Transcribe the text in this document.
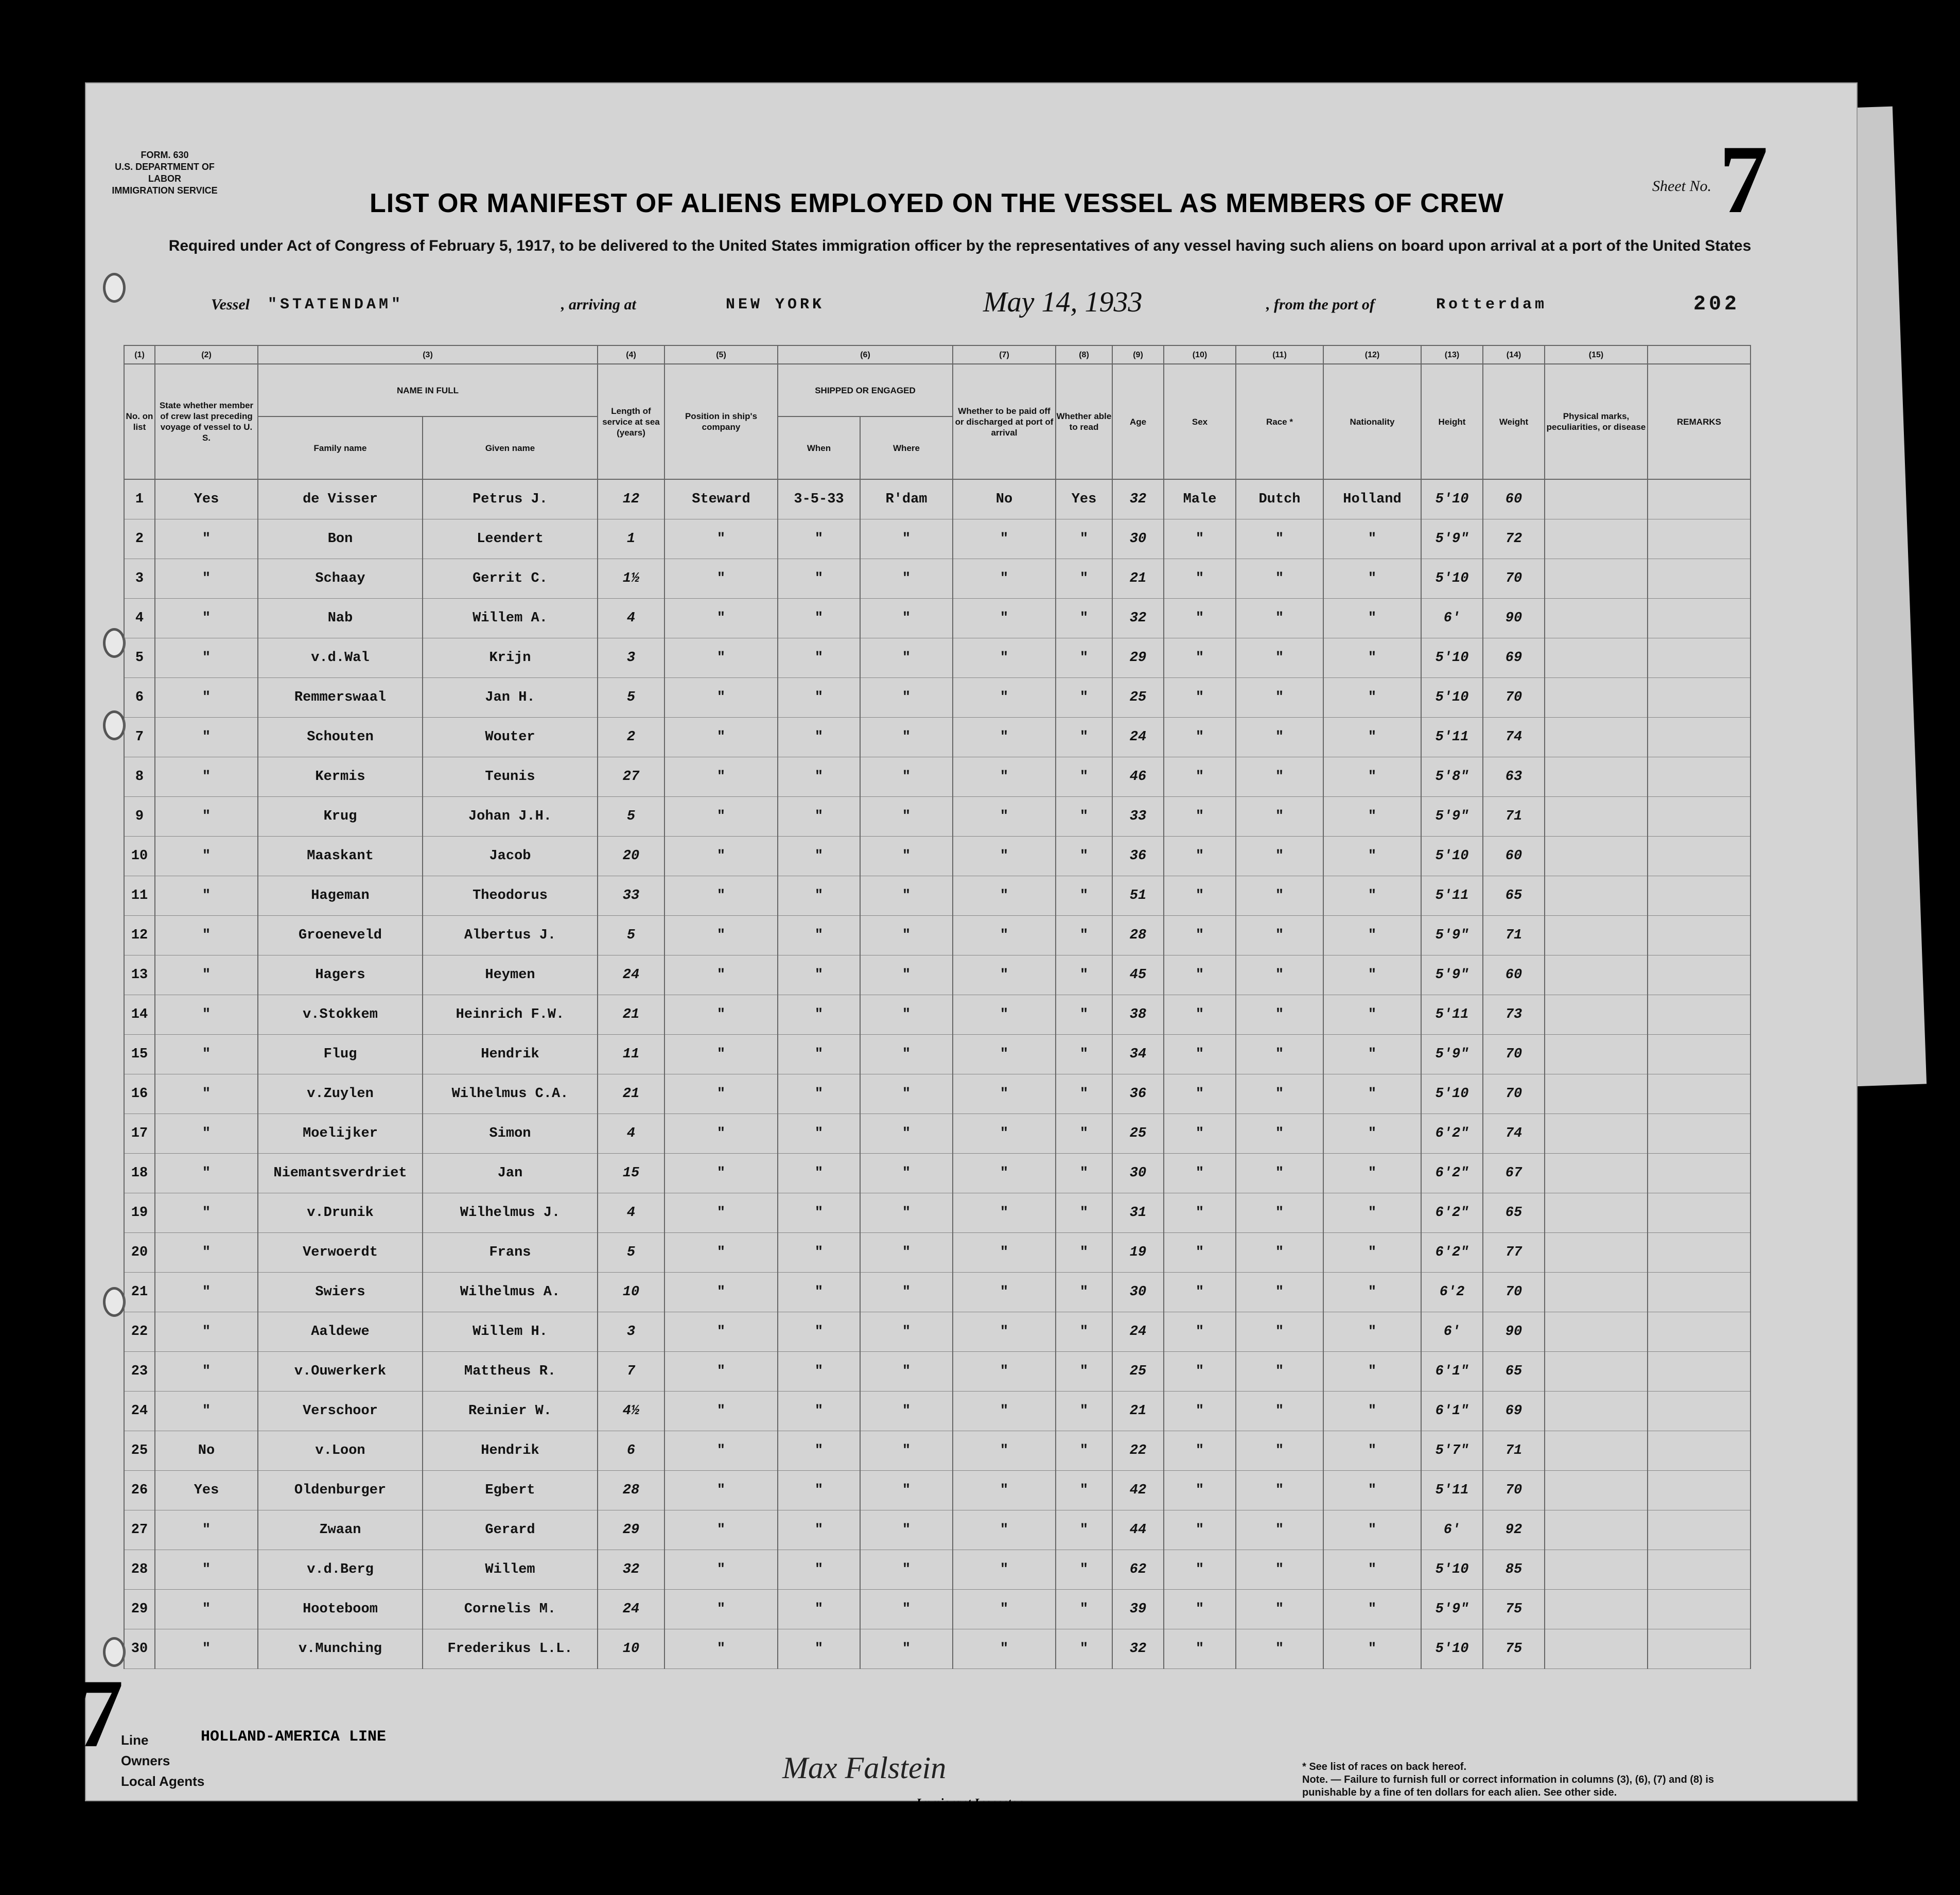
FORM. 630
U.S. DEPARTMENT OF LABOR
IMMIGRATION SERVICE	Sheet No. 7
LIST OR MANIFEST OF ALIENS EMPLOYED ON THE VESSEL AS MEMBERS OF CREW
Required under Act of Congress of February 5, 1917, to be delivered to the United States immigration officer by the representatives of any vessel having such aliens on board upon arrival at a port of the United States
Vessel "STATENDAM"	, arriving at	NEW YORK	May 14, 1933	, from the port of	Rotterdam	202
(1)	(2)	(3)		(4)	(5)	(6)		(7)	(8)	(9)	(10)	(11)	(12)	(13)	(14)	(15)	
No. on list	State whether member of crew last preceding voyage of vessel to U. S.	NAME IN FULL		Length of service at sea (years)	Position in ship's company	SHIPPED OR ENGAGED		Whether to be paid off or discharged at port of arrival	Whether able to read	Age	Sex	Race *	Nationality	Height	Weight	Physical marks, peculiarities, or disease	REMARKS
		Family name	Given name			When	Where										
1	Yes	de Visser	Petrus J.	12	Steward	3-5-33	R'dam	No	Yes	32	Male	Dutch	Holland	5'10	60		
2	"	Bon	Leendert	1	"	"	"	"	"	30	"	"	"	5'9"	72		
3	"	Schaay	Gerrit C.	1½	"	"	"	"	"	21	"	"	"	5'10	70		
4	"	Nab	Willem A.	4	"	"	"	"	"	32	"	"	"	6'	90		
5	"	v.d.Wal	Krijn	3	"	"	"	"	"	29	"	"	"	5'10	69		
6	"	Remmerswaal	Jan H.	5	"	"	"	"	"	25	"	"	"	5'10	70		
7	"	Schouten	Wouter	2	"	"	"	"	"	24	"	"	"	5'11	74		
8	"	Kermis	Teunis	27	"	"	"	"	"	46	"	"	"	5'8"	63		
9	"	Krug	Johan J.H.	5	"	"	"	"	"	33	"	"	"	5'9"	71		
10	"	Maaskant	Jacob	20	"	"	"	"	"	36	"	"	"	5'10	60		
11	"	Hageman	Theodorus	33	"	"	"	"	"	51	"	"	"	5'11	65		
12	"	Groeneveld	Albertus J.	5	"	"	"	"	"	28	"	"	"	5'9"	71		
13	"	Hagers	Heymen	24	"	"	"	"	"	45	"	"	"	5'9"	60		
14	"	v.Stokkem	Heinrich F.W.	21	"	"	"	"	"	38	"	"	"	5'11	73		
15	"	Flug	Hendrik	11	"	"	"	"	"	34	"	"	"	5'9"	70		
16	"	v.Zuylen	Wilhelmus C.A.	21	"	"	"	"	"	36	"	"	"	5'10	70		
17	"	Moelijker	Simon	4	"	"	"	"	"	25	"	"	"	6'2"	74		
18	"	Niemantsverdriet	Jan	15	"	"	"	"	"	30	"	"	"	6'2"	67		
19	"	v.Drunik	Wilhelmus J.	4	"	"	"	"	"	31	"	"	"	6'2"	65		
20	"	Verwoerdt	Frans	5	"	"	"	"	"	19	"	"	"	6'2"	77		
21	"	Swiers	Wilhelmus A.	10	"	"	"	"	"	30	"	"	"	6'2	70		
22	"	Aaldewe	Willem H.	3	"	"	"	"	"	24	"	"	"	6'	90		
23	"	v.Ouwerkerk	Mattheus R.	7	"	"	"	"	"	25	"	"	"	6'1"	65		
24	"	Verschoor	Reinier W.	4½	"	"	"	"	"	21	"	"	"	6'1"	69		
25	No	v.Loon	Hendrik	6	"	"	"	"	"	22	"	"	"	5'7"	71		
26	Yes	Oldenburger	Egbert	28	"	"	"	"	"	42	"	"	"	5'11	70		
27	"	Zwaan	Gerard	29	"	"	"	"	"	44	"	"	"	6'	92		
28	"	v.d.Berg	Willem	32	"	"	"	"	"	62	"	"	"	5'10	85		
29	"	Hooteboom	Cornelis M.	24	"	"	"	"	"	39	"	"	"	5'9"	75		
30	"	v.Munching	Frederikus L.L.	10	"	"	"	"	"	32	"	"	"	5'10	75		
7
Line
Owners
Local Agents
HOLLAND-AMERICA LINE
Max Falstein
Immigrant Inspector.
* See list of races on back hereof.
Note. — Failure to furnish full or correct information in columns (3), (6), (7) and (8) is punishable by a fine of ten dollars for each alien. See other side.
